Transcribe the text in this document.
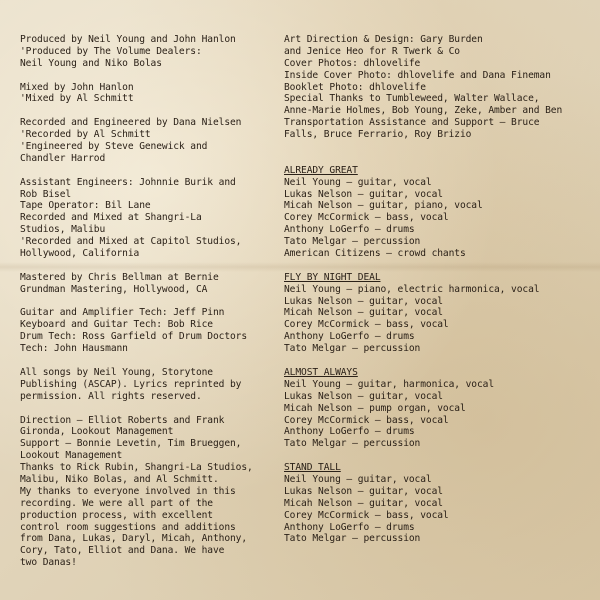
Produced by Neil Young and John Hanlon
'Produced by The Volume Dealers:
Neil Young and Niko Bolas
Mixed by John Hanlon
'Mixed by Al Schmitt
Recorded and Engineered by Dana Nielsen
'Recorded by Al Schmitt
'Engineered by Steve Genewick and
Chandler Harrod
Assistant Engineers: Johnnie Burik and
Rob Bisel
Tape Operator: Bil Lane
Recorded and Mixed at Shangri-La
Studios, Malibu
'Recorded and Mixed at Capitol Studios,
Hollywood, California
Mastered by Chris Bellman at Bernie
Grundman Mastering, Hollywood, CA
Guitar and Amplifier Tech: Jeff Pinn
Keyboard and Guitar Tech: Bob Rice
Drum Tech: Ross Garfield of Drum Doctors
Tech: John Hausmann
All songs by Neil Young, Storytone
Publishing (ASCAP). Lyrics reprinted by
permission. All rights reserved.
Direction – Elliot Roberts and Frank
Gironda, Lookout Management
Support – Bonnie Levetin, Tim Brueggen,
Lookout Management
Thanks to Rick Rubin, Shangri-La Studios,
Malibu, Niko Bolas, and Al Schmitt.
My thanks to everyone involved in this
recording. We were all part of the
production process, with excellent
control room suggestions and additions
from Dana, Lukas, Daryl, Micah, Anthony,
Cory, Tato, Elliot and Dana. We have
two Danas!
Art Direction & Design: Gary Burden
and Jenice Heo for R Twerk & Co
Cover Photos: dhlovelife
Inside Cover Photo: dhlovelife and Dana Fineman
Booklet Photo: dhlovelife
Special Thanks to Tumbleweed, Walter Wallace,
Anne-Marie Holmes, Bob Young, Zeke, Amber and Ben
Transportation Assistance and Support – Bruce
Falls, Bruce Ferrario, Roy Brizio
ALREADY GREAT
Neil Young – guitar, vocal
Lukas Nelson – guitar, vocal
Micah Nelson – guitar, piano, vocal
Corey McCormick – bass, vocal
Anthony LoGerfo – drums
Tato Melgar – percussion
American Citizens – crowd chants
FLY BY NIGHT DEAL
Neil Young – piano, electric harmonica, vocal
Lukas Nelson – guitar, vocal
Micah Nelson – guitar, vocal
Corey McCormick – bass, vocal
Anthony LoGerfo – drums
Tato Melgar – percussion
ALMOST ALWAYS
Neil Young – guitar, harmonica, vocal
Lukas Nelson – guitar, vocal
Micah Nelson – pump organ, vocal
Corey McCormick – bass, vocal
Anthony LoGerfo – drums
Tato Melgar – percussion
STAND TALL
Neil Young – guitar, vocal
Lukas Nelson – guitar, vocal
Micah Nelson – guitar, vocal
Corey McCormick – bass, vocal
Anthony LoGerfo – drums
Tato Melgar – percussion
